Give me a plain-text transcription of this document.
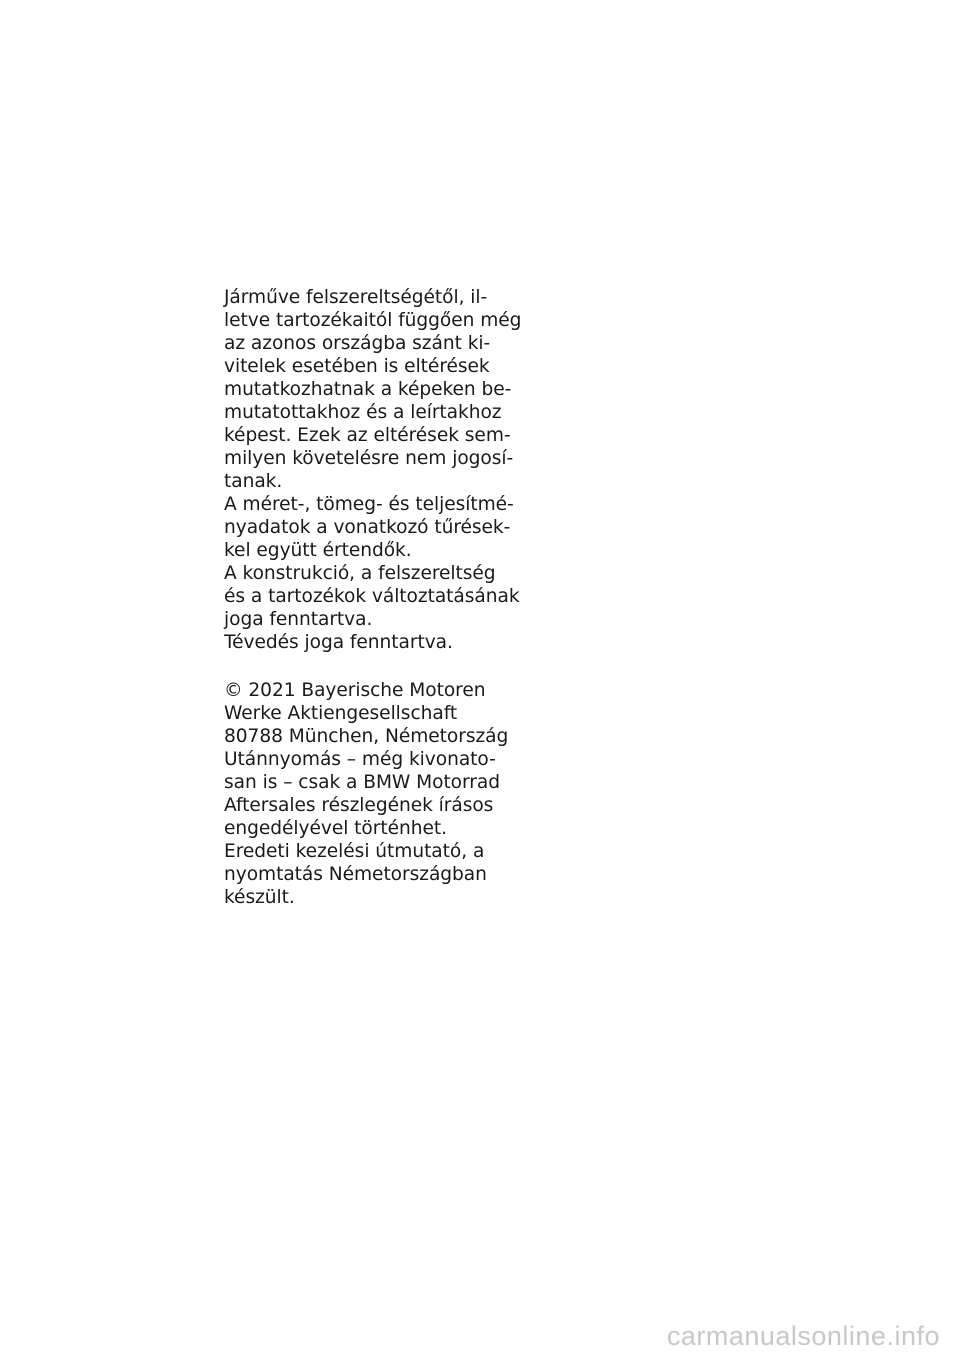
Járműve felszereltségétől, il-
letve tartozékaitól függően még
az azonos országba szánt ki-
vitelek esetében is eltérések
mutatkozhatnak a képeken be-
mutatottakhoz és a leírtakhoz
képest. Ezek az eltérések sem-
milyen követelésre nem jogosí-
tanak.
A méret-, tömeg- és teljesítmé-
nyadatok a vonatkozó tűrések-
kel együtt értendők.
A konstrukció, a felszereltség
és a tartozékok változtatásának
joga fenntartva.
Tévedés joga fenntartva.
© 2021 Bayerische Motoren
Werke Aktiengesellschaft
80788 München, Németország
Utánnyomás – még kivonato-
san is – csak a BMW Motorrad
Aftersales részlegének írásos
engedélyével történhet.
Eredeti kezelési útmutató, a
nyomtatás Németországban
készült.
carmanualsonline.info
